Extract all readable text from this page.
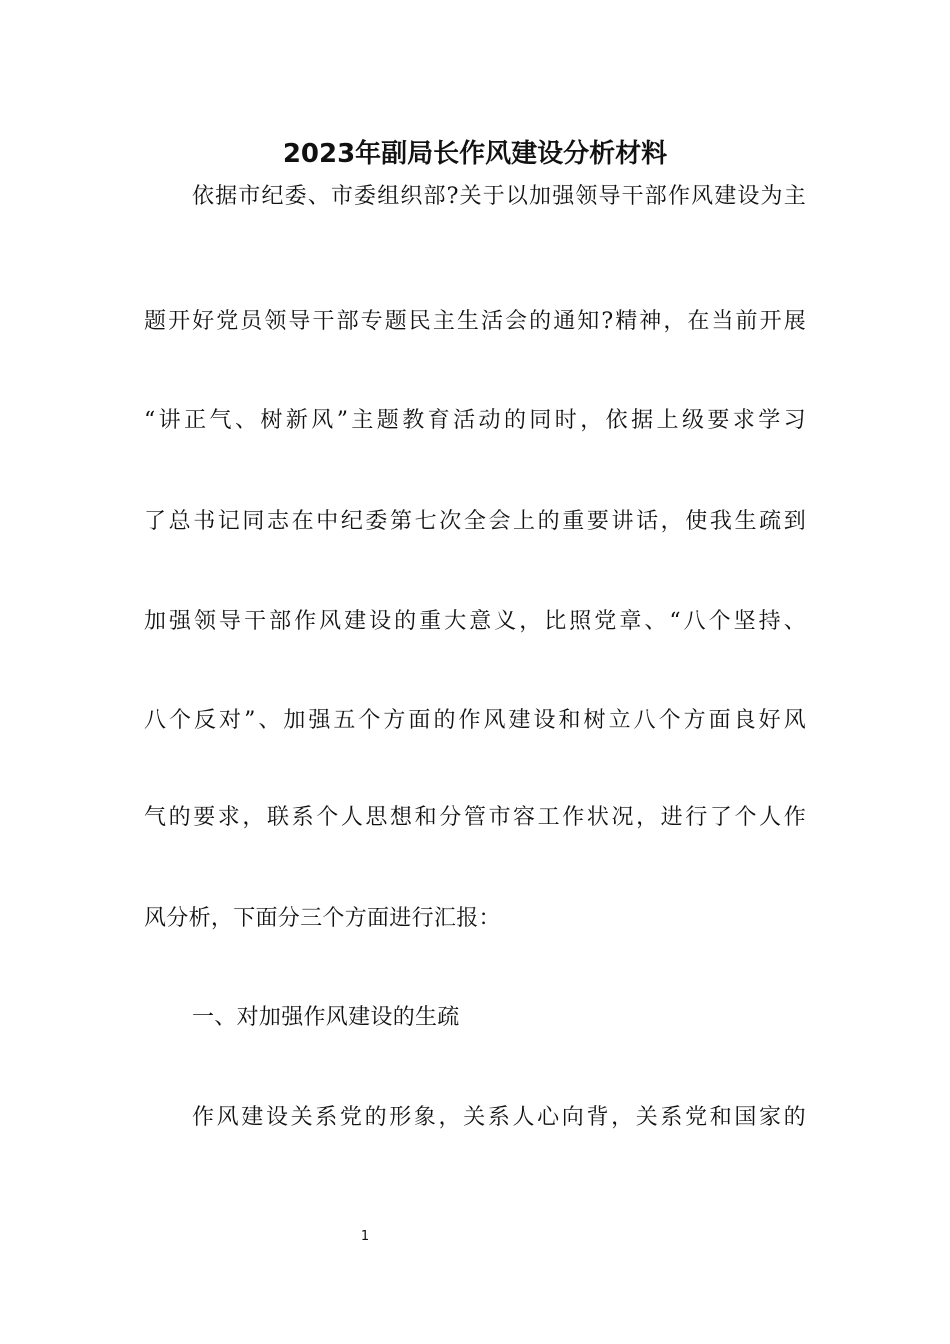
2023年副局长作风建设分析材料
依据市纪委、市委组织部?关于以加强领导干部作风建设为主
题开好党员领导干部专题民主生活会的通知?精神，在当前开展
“讲正气、树新风”主题教育活动的同时，依据上级要求学习
了总书记同志在中纪委第七次全会上的重要讲话，使我生疏到
加强领导干部作风建设的重大意义，比照党章、“八个坚持、
八个反对”、加强五个方面的作风建设和树立八个方面良好风
气的要求，联系个人思想和分管市容工作状况，进行了个人作
风分析，下面分三个方面进行汇报：
一、对加强作风建设的生疏
作风建设关系党的形象，关系人心向背，关系党和国家的
1
